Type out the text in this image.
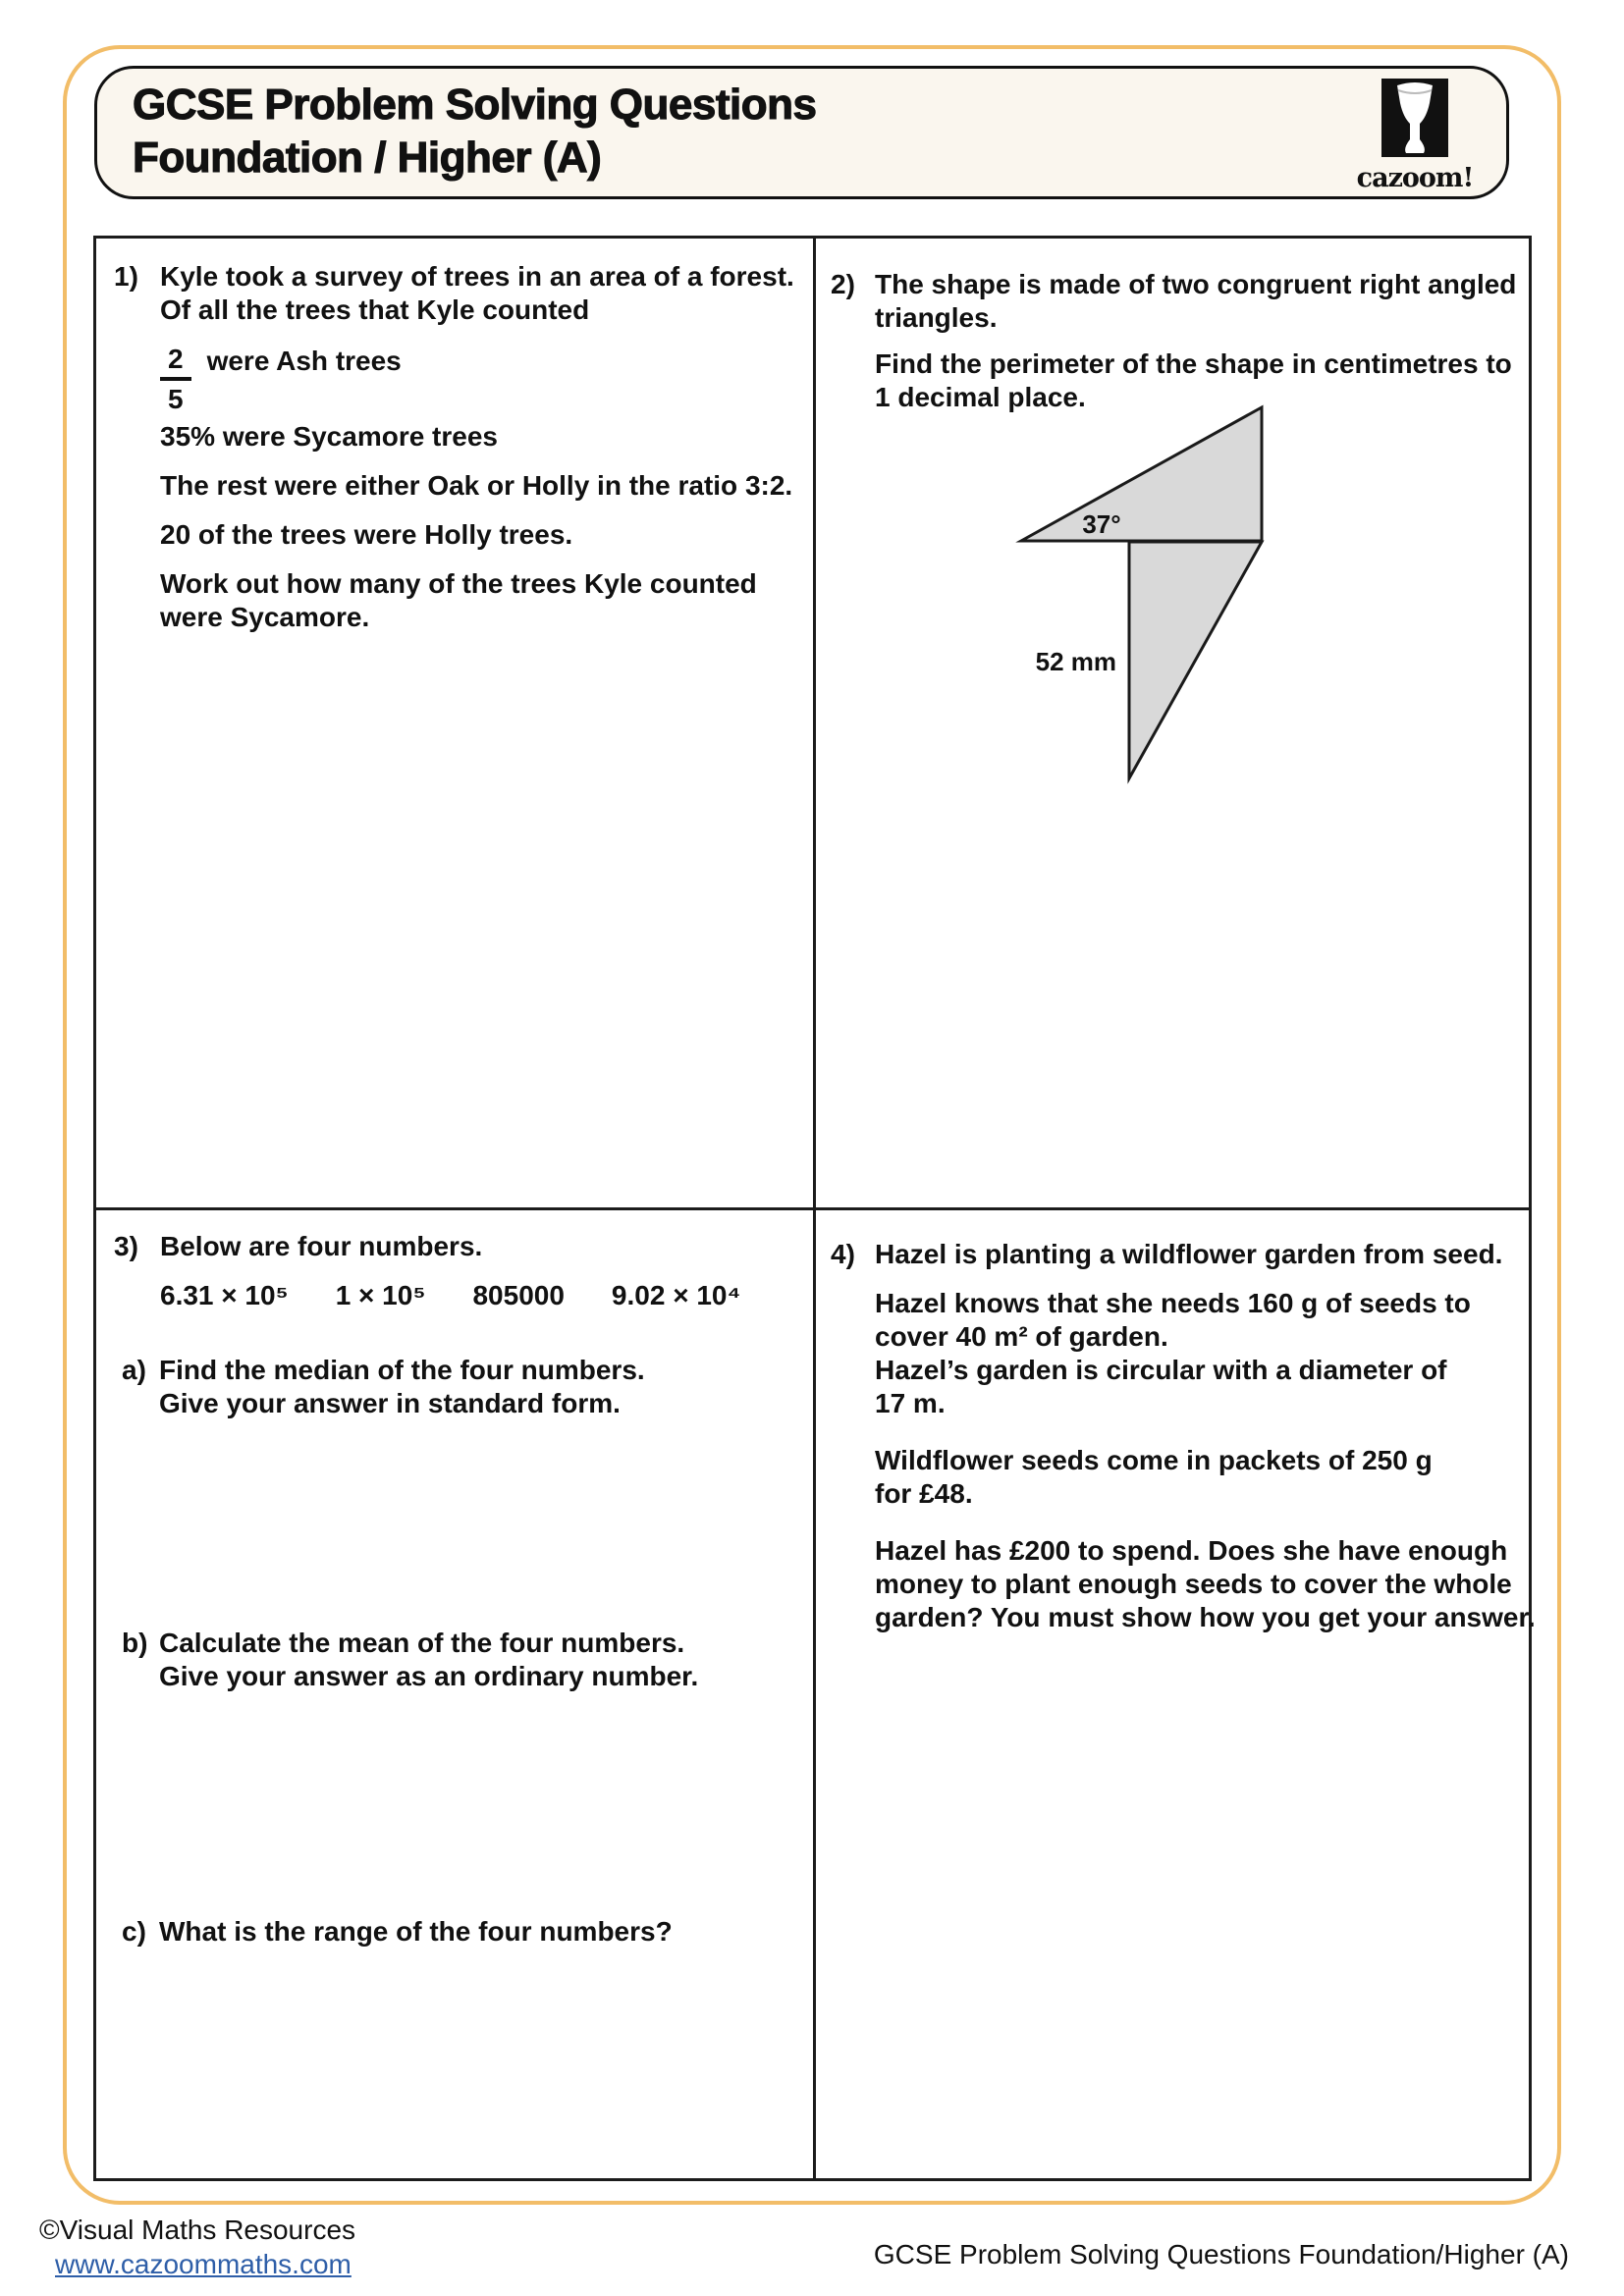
GCSE Problem Solving Questions
Foundation / Higher (A)	cazoom!
1) Kyle took a survey of trees in an area of a forest.
Of all the trees that Kyle counted
$\frac{2}{5}$ were Ash trees
35% were Sycamore trees
The rest were either Oak or Holly in the ratio 3:2.
20 of the trees were Holly trees.
Work out how many of the trees Kyle counted
were Sycamore.
2) The shape is made of two congruent right angled
triangles.
Find the perimeter of the shape in centimetres to
1 decimal place.
37°
52 mm
3) Below are four numbers.
6.31 × 10⁵ 1 × 10⁵ 805000 9.02 × 10⁴
a) Find the median of the four numbers.
Give your answer in standard form.
b) Calculate the mean of the four numbers.
Give your answer as an ordinary number.
c) What is the range of the four numbers?
4) Hazel is planting a wildflower garden from seed.
Hazel knows that she needs 160 g of seeds to
cover 40 m² of garden.
Hazel’s garden is circular with a diameter of
17 m.
Wildflower seeds come in packets of 250 g
for £48.
Hazel has £200 to spend. Does she have enough
money to plant enough seeds to cover the whole
garden? You must show how you get your answer.
©Visual Maths Resources
www.cazoommaths.com	GCSE Problem Solving Questions Foundation/Higher (A)
